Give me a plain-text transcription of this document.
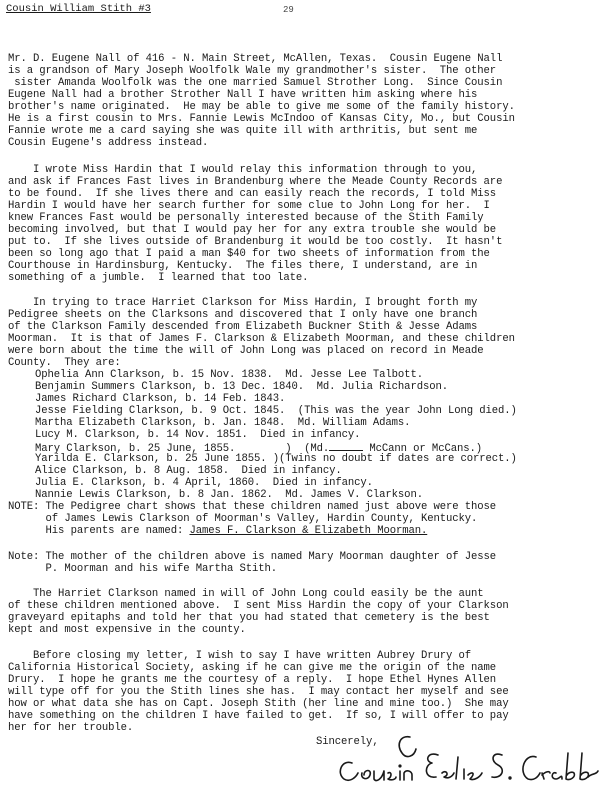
Cousin William Stith #3	29
Mr. D. Eugene Nall of 416 - N. Main Street, McAllen, Texas.  Cousin Eugene Nall
is a grandson of Mary Joseph Woolfolk Wale my grandmother's sister.  The other
sister Amanda Woolfolk was the one married Samuel Strother Long.  Since Cousin
Eugene Nall had a brother Strother Nall I have written him asking where his
brother's name originated.  He may be able to give me some of the family history.
He is a first cousin to Mrs. Fannie Lewis McIndoo of Kansas City, Mo., but Cousin
Fannie wrote me a card saying she was quite ill with arthritis, but sent me
Cousin Eugene's address instead.
I wrote Miss Hardin that I would relay this information through to you,
and ask if Frances Fast lives in Brandenburg where the Meade County Records are
to be found.  If she lives there and can easily reach the records, I told Miss
Hardin I would have her search further for some clue to John Long for her.  I
knew Frances Fast would be personally interested because of the Stith Family
becoming involved, but that I would pay her for any extra trouble she would be
put to.  If she lives outside of Brandenburg it would be too costly.  It hasn't
been so long ago that I paid a man $40 for two sheets of information from the
Courthouse in Hardinsburg, Kentucky.  The files there, I understand, are in
something of a jumble.  I learned that too late.
In trying to trace Harriet Clarkson for Miss Hardin, I brought forth my
Pedigree sheets on the Clarksons and discovered that I only have one branch
of the Clarkson Family descended from Elizabeth Buckner Stith & Jesse Adams
Moorman.  It is that of James F. Clarkson & Elizabeth Moorman, and these children
were born about the time the will of John Long was placed on record in Meade
County.  They are:
Ophelia Ann Clarkson, b. 15 Nov. 1838.  Md. Jesse Lee Talbott.
Benjamin Summers Clarkson, b. 13 Dec. 1840.  Md. Julia Richardson.
James Richard Clarkson, b. 14 Feb. 1843.
Jesse Fielding Clarkson, b. 9 Oct. 1845.  (This was the year John Long died.)
Martha Elizabeth Clarkson, b. Jan. 1848.  Md. William Adams.
Lucy M. Clarkson, b. 14 Nov. 1851.  Died in infancy.
Mary Clarkson, b. 25 June, 1855.        )  (Md.	McCann or McCans.)
Yarilda E. Clarkson, b. 25 June 1855. )(Twins no doubt if dates are correct.)
Alice Clarkson, b. 8 Aug. 1858.  Died in infancy.
Julia E. Clarkson, b. 4 April, 1860.  Died in infancy.
Nannie Lewis Clarkson, b. 8 Jan. 1862.  Md. James V. Clarkson.
NOTE: The Pedigree chart shows that these children named just above were those
of James Lewis Clarkson of Moorman's Valley, Hardin County, Kentucky.
His parents are named: James F. Clarkson & Elizabeth Moorman.
Note: The mother of the children above is named Mary Moorman daughter of Jesse
P. Moorman and his wife Martha Stith.
The Harriet Clarkson named in will of John Long could easily be the aunt
of these children mentioned above.  I sent Miss Hardin the copy of your Clarkson
graveyard epitaphs and told her that you had stated that cemetery is the best
kept and most expensive in the county.
Before closing my letter, I wish to say I have written Aubrey Drury of
California Historical Society, asking if he can give me the origin of the name
Drury.  I hope he grants me the courtesy of a reply.  I hope Ethel Hynes Allen
will type off for you the Stith lines she has.  I may contact her myself and see
how or what data she has on Capt. Joseph Stith (her line and mine too.)  She may
have something on the children I have failed to get.  If so, I will offer to pay
her for her trouble.
Sincerely,
